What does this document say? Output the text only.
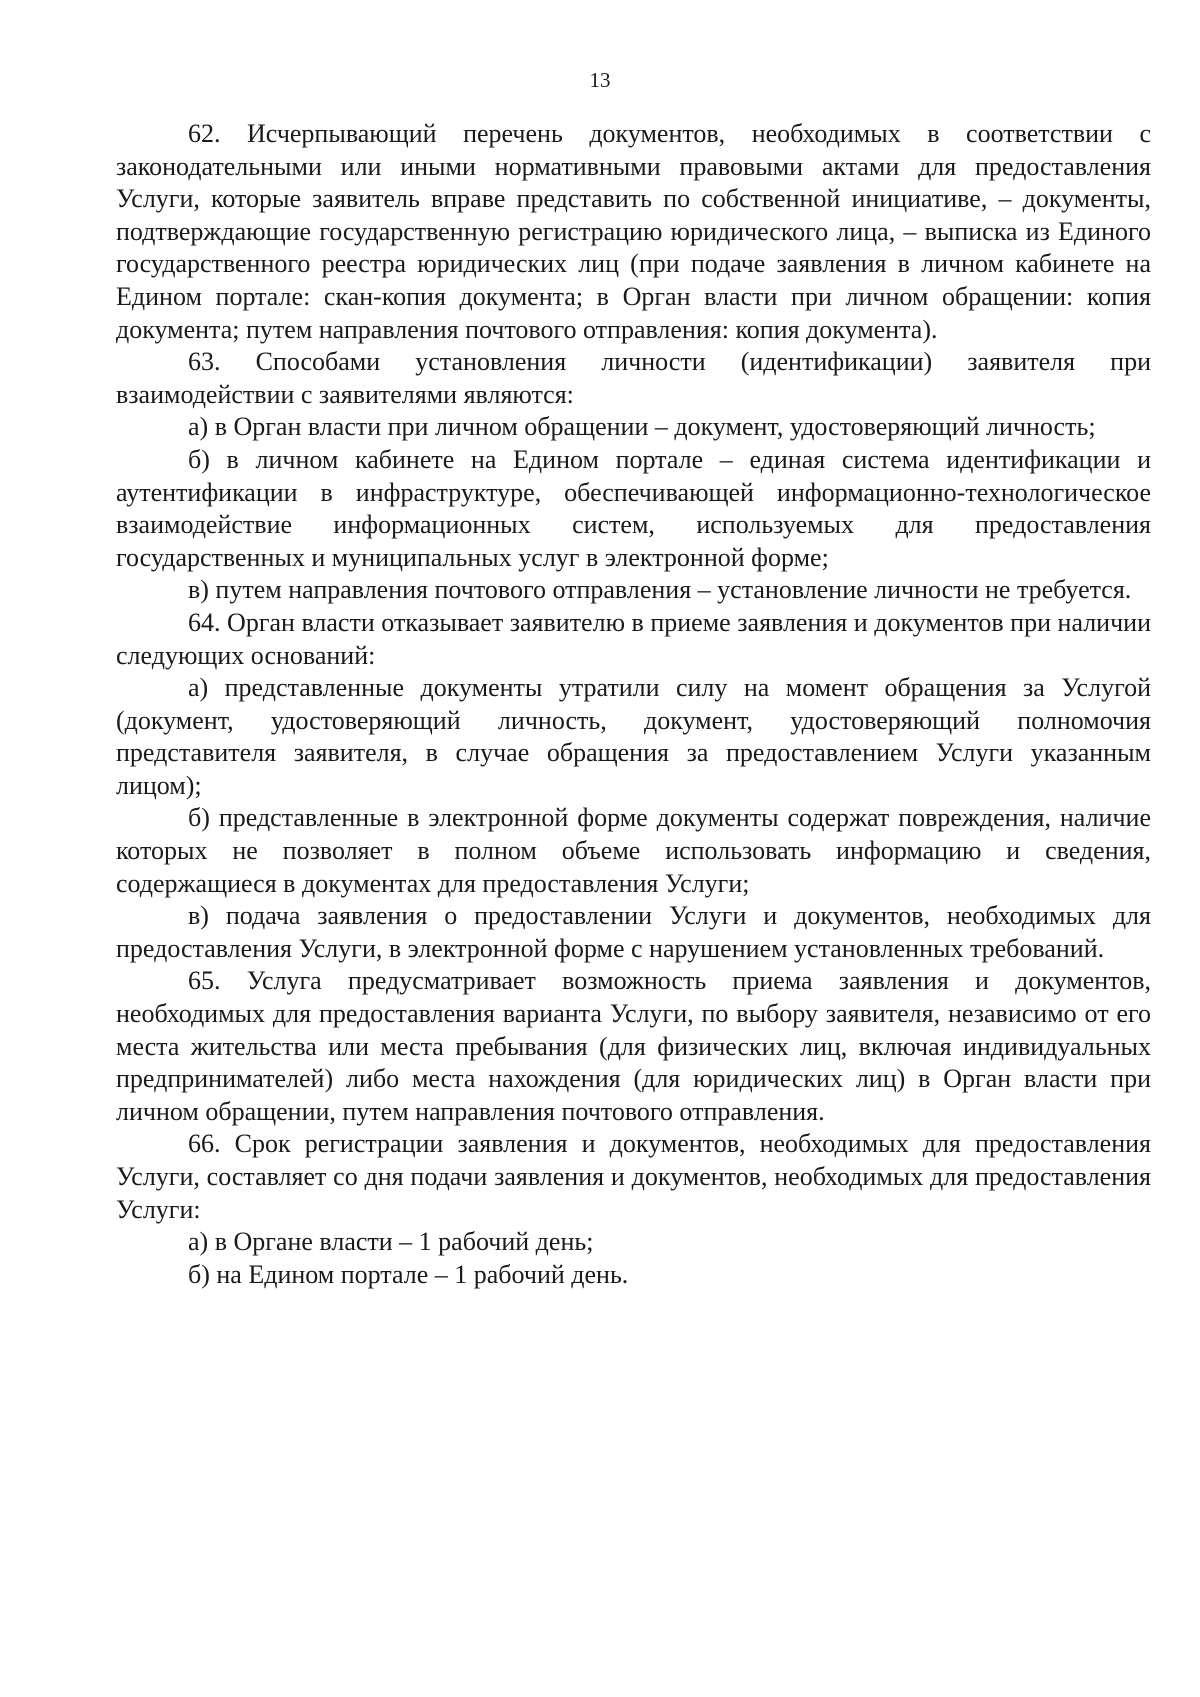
13

62. Исчерпывающий перечень документов, необходимых в соответствии с законодательными или иными нормативными правовыми актами для предоставления Услуги, которые заявитель вправе представить по собственной инициативе, – документы, подтверждающие государственную регистрацию юридического лица, – выписка из Единого государственного реестра юридических лиц (при подаче заявления в личном кабинете на Едином портале: скан-копия документа; в Орган власти при личном обращении: копия документа; путем направления почтового отправления: копия документа).

63. Способами установления личности (идентификации) заявителя при взаимодействии с заявителями являются:

а) в Орган власти при личном обращении – документ, удостоверяющий личность;

б) в личном кабинете на Едином портале – единая система идентификации и аутентификации в инфраструктуре, обеспечивающей информационно-технологическое взаимодействие информационных систем, используемых для предоставления государственных и муниципальных услуг в электронной форме;

в) путем направления почтового отправления – установление личности не требуется.

64. Орган власти отказывает заявителю в приеме заявления и документов при наличии следующих оснований:

а) представленные документы утратили силу на момент обращения за Услугой (документ, удостоверяющий личность, документ, удостоверяющий полномочия представителя заявителя, в случае обращения за предоставлением Услуги указанным лицом);

б) представленные в электронной форме документы содержат повреждения, наличие которых не позволяет в полном объеме использовать информацию и сведения, содержащиеся в документах для предоставления Услуги;

в) подача заявления о предоставлении Услуги и документов, необходимых для предоставления Услуги, в электронной форме с нарушением установленных требований.

65. Услуга предусматривает возможность приема заявления и документов, необходимых для предоставления варианта Услуги, по выбору заявителя, независимо от его места жительства или места пребывания (для физических лиц, включая индивидуальных предпринимателей) либо места нахождения (для юридических лиц) в Орган власти при личном обращении, путем направления почтового отправления.

66. Срок регистрации заявления и документов, необходимых для предоставления Услуги, составляет со дня подачи заявления и документов, необходимых для предоставления Услуги:

а) в Органе власти – 1 рабочий день;

б) на Едином портале – 1 рабочий день.
